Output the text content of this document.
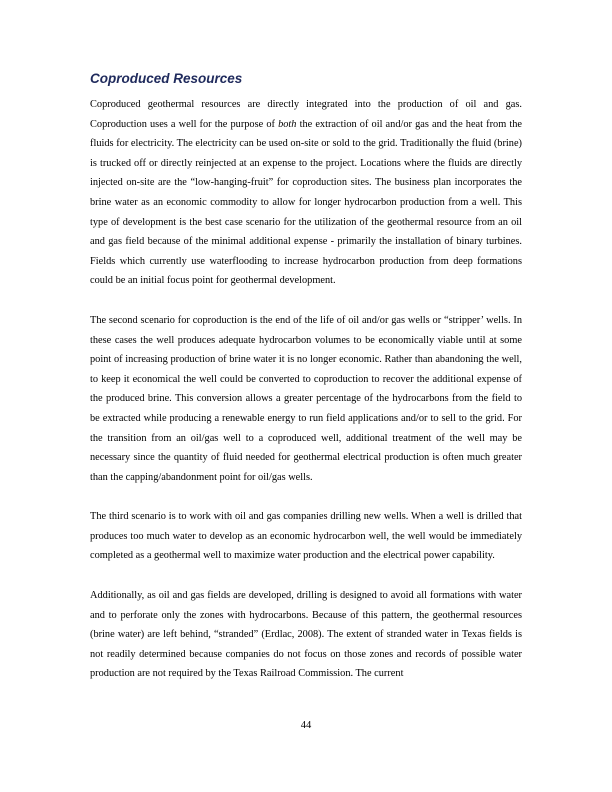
Coproduced Resources

Coproduced geothermal resources are directly integrated into the production of oil and gas. Coproduction uses a well for the purpose of both the extraction of oil and/or gas and the heat from the fluids for electricity. The electricity can be used on-site or sold to the grid. Traditionally the fluid (brine) is trucked off or directly reinjected at an expense to the project. Locations where the fluids are directly injected on-site are the “low-hanging-fruit” for coproduction sites. The business plan incorporates the brine water as an economic commodity to allow for longer hydrocarbon production from a well. This type of development is the best case scenario for the utilization of the geothermal resource from an oil and gas field because of the minimal additional expense - primarily the installation of binary turbines. Fields which currently use waterflooding to increase hydrocarbon production from deep formations could be an initial focus point for geothermal development.

The second scenario for coproduction is the end of the life of oil and/or gas wells or “stripper’ wells. In these cases the well produces adequate hydrocarbon volumes to be economically viable until at some point of increasing production of brine water it is no longer economic. Rather than abandoning the well, to keep it economical the well could be converted to coproduction to recover the additional expense of the produced brine. This conversion allows a greater percentage of the hydrocarbons from the field to be extracted while producing a renewable energy to run field applications and/or to sell to the grid. For the transition from an oil/gas well to a coproduced well, additional treatment of the well may be necessary since the quantity of fluid needed for geothermal electrical production is often much greater than the capping/abandonment point for oil/gas wells.

The third scenario is to work with oil and gas companies drilling new wells. When a well is drilled that produces too much water to develop as an economic hydrocarbon well, the well would be immediately completed as a geothermal well to maximize water production and the electrical power capability.

Additionally, as oil and gas fields are developed, drilling is designed to avoid all formations with water and to perforate only the zones with hydrocarbons. Because of this pattern, the geothermal resources (brine water) are left behind, “stranded” (Erdlac, 2008). The extent of stranded water in Texas fields is not readily determined because companies do not focus on those zones and records of possible water production are not required by the Texas Railroad Commission. The current

44
